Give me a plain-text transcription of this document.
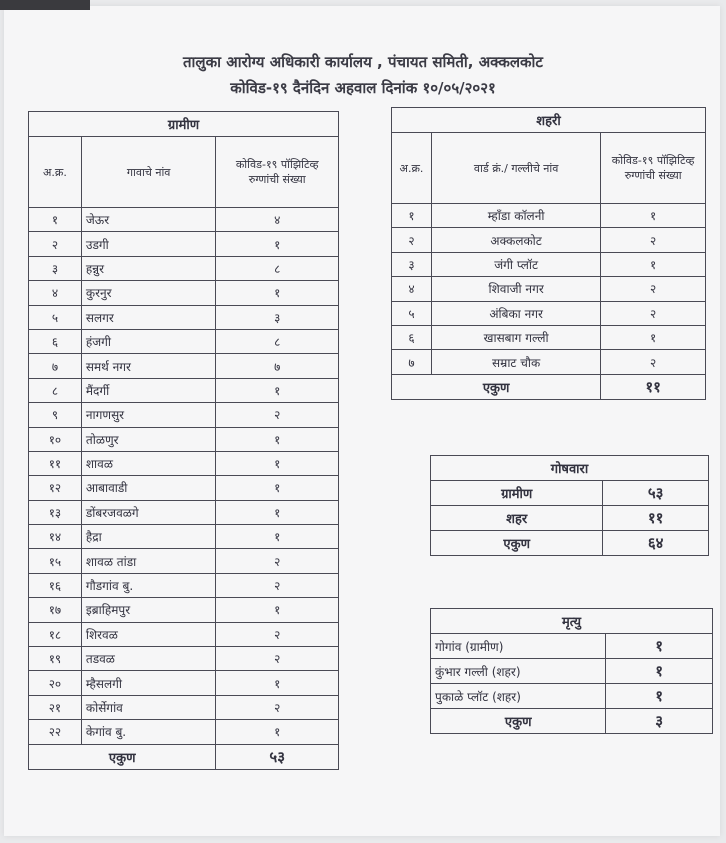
तालुका आरोग्य अधिकारी कार्यालय , पंचायत समिती, अक्कलकोट
कोविड-१९ दैनंदिन अहवाल दिनांक १०/०५/२०२१
ग्रामीण		
अ.क्र.	गावाचे नांव	कोविड-१९ पॉझिटिव्ह रुग्णांची संख्या
१	जेऊर	४
२	उडगी	१
३	हन्नुर	८
४	कुरनुर	१
५	सलगर	३
६	हंजगी	८
७	समर्थ नगर	७
८	मैंदर्गी	१
९	नागणसुर	२
१०	तोळणुर	१
११	शावळ	१
१२	आबावाडी	१
१३	डोंबरजवळगे	१
१४	हैद्रा	१
१५	शावळ तांडा	२
१६	गौडगांव बु.	२
१७	इब्राहिमपुर	१
१८	शिरवळ	२
१९	तडवळ	२
२०	म्हैसलगी	१
२१	कोर्सेगांव	२
२२	केगांव बु.	१
एकुण		५३
शहरी		
अ.क्र.	वार्ड क्रं./ गल्लीचे नांव	कोविड-१९ पॉझिटिव्ह रुग्णांची संख्या
१	म्हाँडा कॉलनी	१
२	अक्कलकोट	२
३	जंगी प्लॉट	१
४	शिवाजी नगर	२
५	अंबिका नगर	२
६	खासबाग गल्ली	१
७	सम्राट चौक	२
एकुण		११
गोषवारा	
ग्रामीण	५३
शहर	११
एकुण	६४
मृत्यु	
गोगांव (ग्रामीण)	१
कुंभार गल्ली (शहर)	१
पुकाळे प्लॉट (शहर)	१
एकुण	३
